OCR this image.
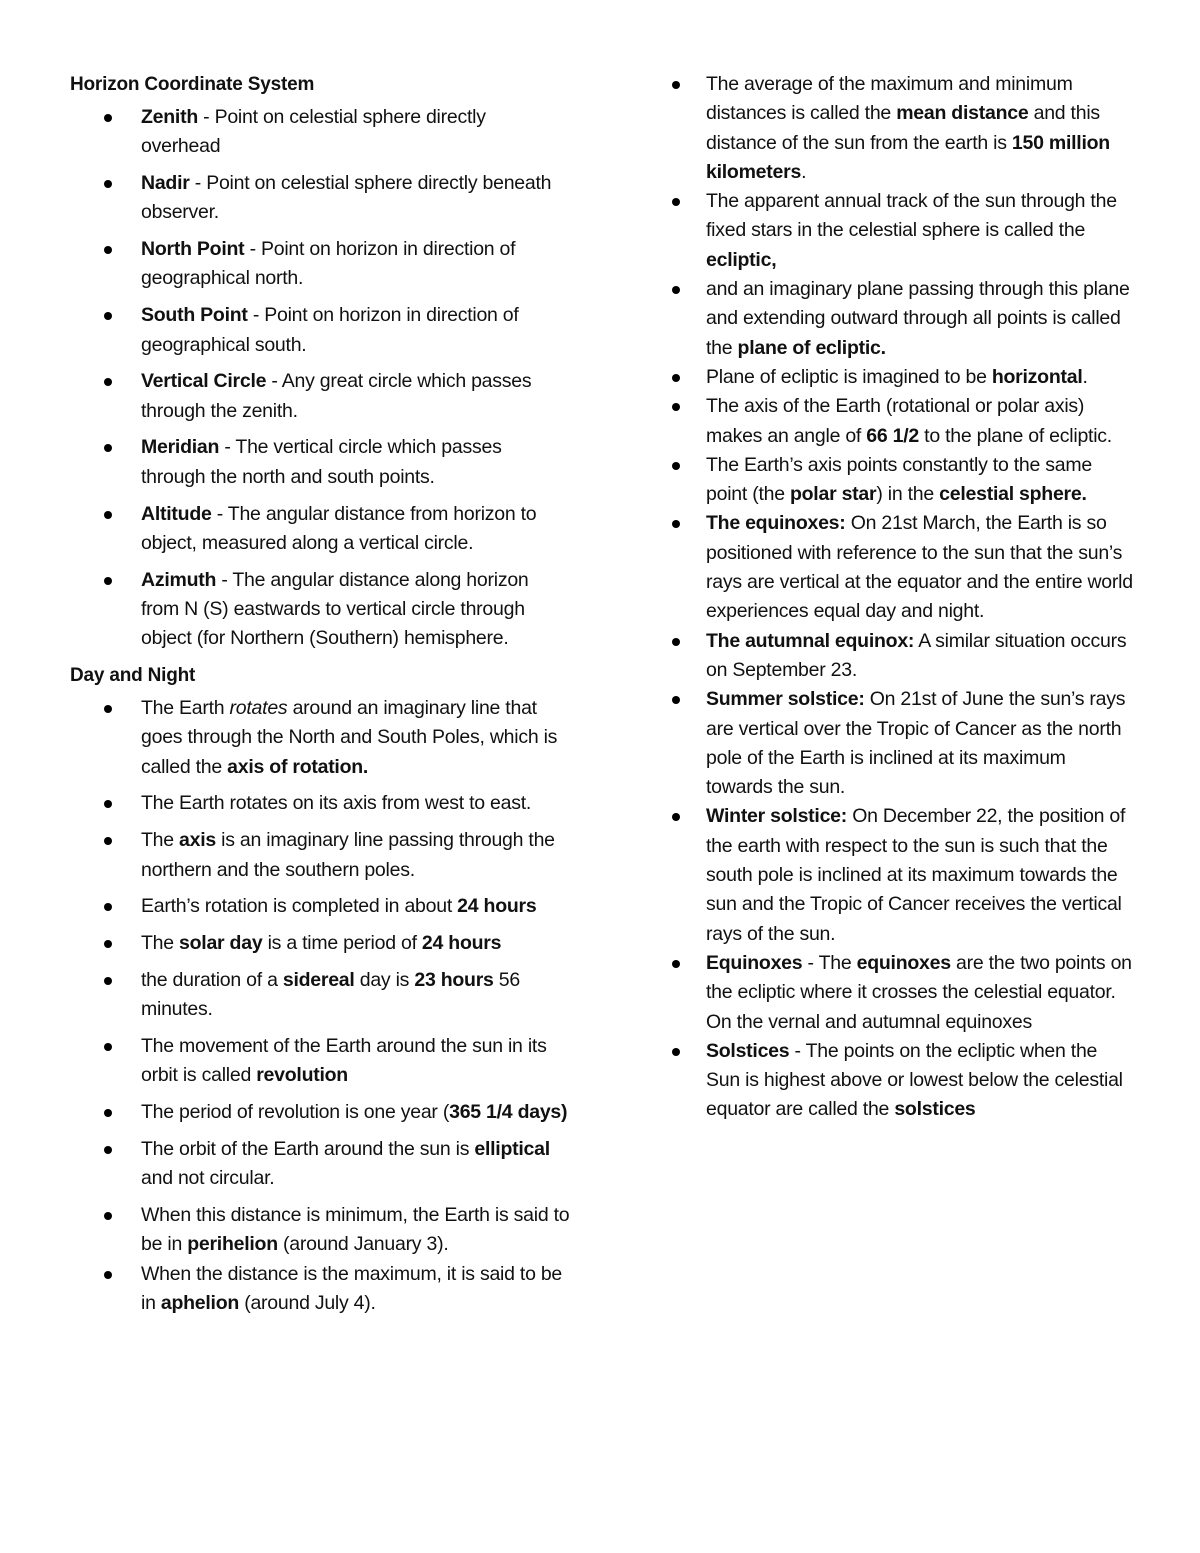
Horizon Coordinate System
Zenith - Point on celestial sphere directly overhead
Nadir - Point on celestial sphere directly beneath observer.
North Point - Point on horizon in direction of geographical north.
South Point - Point on horizon in direction of geographical south.
Vertical Circle - Any great circle which passes through the zenith.
Meridian - The vertical circle which passes through the north and south points.
Altitude - The angular distance from horizon to object, measured along a vertical circle.
Azimuth - The angular distance along horizon from N (S) eastwards to vertical circle through object (for Northern (Southern) hemisphere.
Day and Night
The Earth rotates around an imaginary line that goes through the North and South Poles, which is called the axis of rotation.
The Earth rotates on its axis from west to east.
The axis is an imaginary line passing through the northern and the southern poles.
Earth’s rotation is completed in about 24 hours
The solar day is a time period of 24 hours
the duration of a sidereal day is 23 hours 56 minutes.
The movement of the Earth around the sun in its orbit is called revolution
The period of revolution is one year (365 1/4 days)
The orbit of the Earth around the sun is elliptical and not circular.
When this distance is minimum, the Earth is said to be in perihelion (around January 3).
When the distance is the maximum, it is said to be in aphelion (around July 4).
The average of the maximum and minimum distances is called the mean distance and this distance of the sun from the earth is 150 million kilometers.
The apparent annual track of the sun through the fixed stars in the celestial sphere is called the ecliptic,
and an imaginary plane passing through this plane and extending outward through all points is called the plane of ecliptic.
Plane of ecliptic is imagined to be horizontal.
The axis of the Earth (rotational or polar axis) makes an angle of 66 1/2 to the plane of ecliptic.
The Earth’s axis points constantly to the same point (the polar star) in the celestial sphere.
The equinoxes: On 21st March, the Earth is so positioned with reference to the sun that the sun’s rays are vertical at the equator and the entire world experiences equal day and night.
The autumnal equinox: A similar situation occurs on September 23.
Summer solstice: On 21st of June the sun’s rays are vertical over the Tropic of Cancer as the north pole of the Earth is inclined at its maximum towards the sun.
Winter solstice: On December 22, the position of the earth with respect to the sun is such that the south pole is inclined at its maximum towards the sun and the Tropic of Cancer receives the vertical rays of the sun.
Equinoxes - The equinoxes are the two points on the ecliptic where it crosses the celestial equator. On the vernal and autumnal equinoxes
Solstices - The points on the ecliptic when the Sun is highest above or lowest below the celestial equator are called the solstices
